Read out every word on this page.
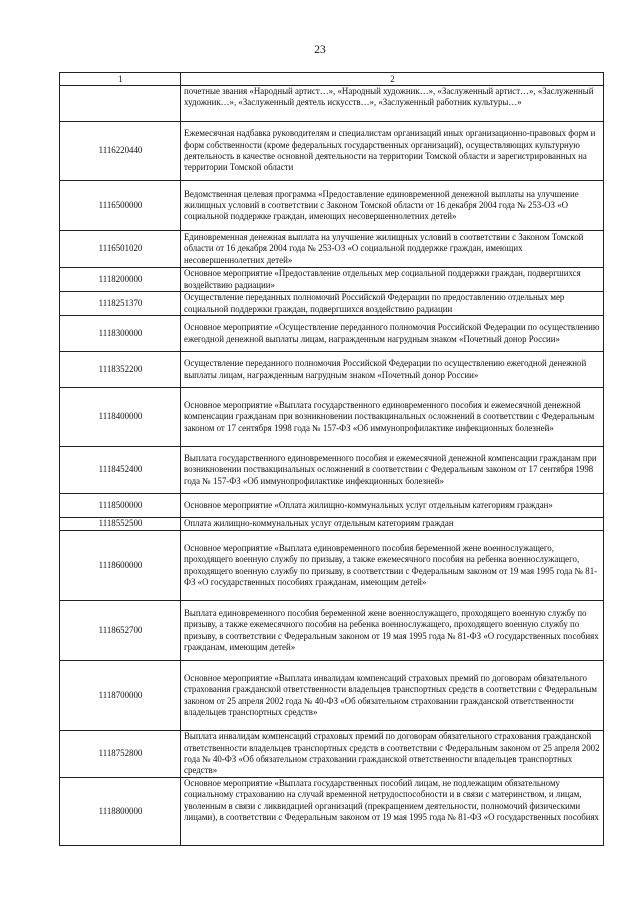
23
1	2
	почетные звания «Народный артист…», «Народный художник…», «Заслуженный артист…», «Заслуженный художник…», «Заслуженный деятель искусств…», «Заслуженный работник культуры…»
1116220440	Ежемесячная надбавка руководителям и специалистам организаций иных организационно-правовых форм и форм собственности (кроме федеральных государственных организаций), осуществляющих культурную деятельность в качестве основной деятельности на территории Томской области и зарегистрированных на территории Томской области
1116500000	Ведомственная целевая программа «Предоставление единовременной денежной выплаты на улучшение жилищных условий в соответствии с Законом Томской области от 16 декабря 2004 года № 253-ОЗ «О социальной поддержке граждан, имеющих несовершеннолетних детей»
1116501020	Единовременная денежная выплата на улучшение жилищных условий в соответствии с Законом Томской области от 16 декабря 2004 года № 253-ОЗ «О социальной поддержке граждан, имеющих несовершеннолетних детей»
1118200000	Основное мероприятие «Предоставление отдельных мер социальной поддержки граждан, подвергшихся воздействию радиации»
1118251370	Осуществление переданных полномочий Российской Федерации по предоставлению отдельных мер социальной поддержки граждан, подвергшихся воздействию радиации
1118300000	Основное мероприятие «Осуществление переданного полномочия Российской Федерации по осуществлению ежегодной денежной выплаты лицам, награжденным нагрудным знаком «Почетный донор России»
1118352200	Осуществление переданного полномочия Российской Федерации по осуществлению ежегодной денежной выплаты лицам, награжденным нагрудным знаком «Почетный донор России»
1118400000	Основное мероприятие «Выплата государственного единовременного пособия и ежемесячной денежной компенсации гражданам при возникновении поствакцинальных осложнений в соответствии с Федеральным законом от 17 сентября 1998 года № 157-ФЗ «Об иммунопрофилактике инфекционных болезней»
1118452400	Выплата государственного единовременного пособия и ежемесячной денежной компенсации гражданам при возникновении поствакцинальных осложнений в соответствии с Федеральным законом от 17 сентября 1998 года № 157-ФЗ «Об иммунопрофилактике инфекционных болезней»
1118500000	Основное мероприятие «Оплата жилищно-коммунальных услуг отдельным категориям граждан»
1118552500	Оплата жилищно-коммунальных услуг отдельным категориям граждан
1118600000	Основное мероприятие «Выплата единовременного пособия беременной жене военнослужащего, проходящего военную службу по призыву, а также ежемесячного пособия на ребенка военнослужащего, проходящего военную службу по призыву, в соответствии с Федеральным законом от 19 мая 1995 года № 81-ФЗ «О государственных пособиях гражданам, имеющим детей»
1118652700	Выплата единовременного пособия беременной жене военнослужащего, проходящего военную службу по призыву, а также ежемесячного пособия на ребенка военнослужащего, проходящего военную службу по призыву, в соответствии с Федеральным законом от 19 мая 1995 года № 81-ФЗ «О государственных пособиях гражданам, имеющим детей»
1118700000	Основное мероприятие «Выплата инвалидам компенсаций страховых премий по договорам обязательного страхования гражданской ответственности владельцев транспортных средств в соответствии с Федеральным законом от 25 апреля 2002 года № 40-ФЗ «Об обязательном страховании гражданской ответственности владельцев транспортных средств»
1118752800	Выплата инвалидам компенсаций страховых премий по договорам обязательного страхования гражданской ответственности владельцев транспортных средств в соответствии с Федеральным законом от 25 апреля 2002 года № 40-ФЗ «Об обязательном страховании гражданской ответственности владельцев транспортных средств»
1118800000	Основное мероприятие «Выплата государственных пособий лицам, не подлежащим обязательному социальному страхованию на случай временной нетрудоспособности и в связи с материнством, и лицам, уволенным в связи с ликвидацией организаций (прекращением деятельности, полномочий физическими лицами), в соответствии с Федеральным законом от 19 мая 1995 года № 81-ФЗ «О государственных пособиях
